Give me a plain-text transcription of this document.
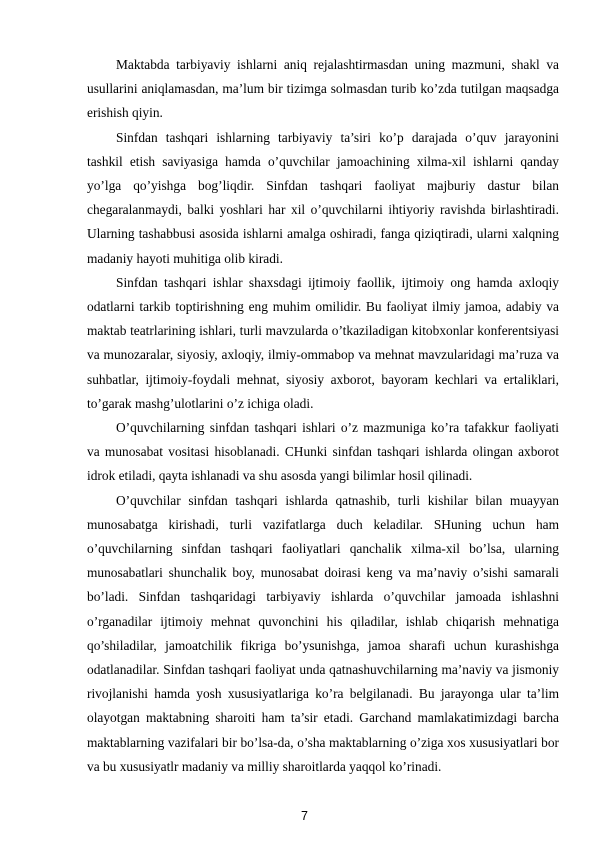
Maktabda tarbiyaviy ishlarni aniq rejalashtirmasdan uning mazmuni, shakl va usullarini aniqlamasdan, ma’lum bir tizimga solmasdan turib ko’zda tutilgan maqsadga erishish qiyin.

Sinfdan tashqari ishlarning tarbiyaviy ta’siri ko’p darajada o’quv jarayonini tashkil etish saviyasiga hamda o’quvchilar jamoachining xilma-xil ishlarni qanday yo’lga qo’yishga bog’liqdir. Sinfdan tashqari faoliyat majburiy dastur bilan chegaralanmaydi, balki yoshlari har xil o’quvchilarni ihtiyoriy ravishda birlashtiradi. Ularning tashabbusi asosida ishlarni amalga oshiradi, fanga qiziqtiradi, ularni xalqning madaniy hayoti muhitiga olib kiradi.

Sinfdan tashqari ishlar shaxsdagi ijtimoiy faollik, ijtimoiy ong hamda axloqiy odatlarni tarkib toptirishning eng muhim omilidir. Bu faoliyat ilmiy jamoa, adabiy va maktab teatrlarining ishlari, turli mavzularda o’tkaziladigan kitobxonlar konferentsiyasi va munozaralar, siyosiy, axloqiy, ilmiy-ommabop va mehnat mavzularidagi ma’ruza va suhbatlar, ijtimoiy-foydali mehnat, siyosiy axborot, bayoram kechlari va ertaliklari, to’garak mashg’ulotlarini o’z ichiga oladi.

O’quvchilarning sinfdan tashqari ishlari o’z mazmuniga ko’ra tafakkur faoliyati va munosabat vositasi hisoblanadi. CHunki sinfdan tashqari ishlarda olingan axborot idrok etiladi, qayta ishlanadi va shu asosda yangi bilimlar hosil qilinadi.

O’quvchilar sinfdan tashqari ishlarda qatnashib, turli kishilar bilan muayyan munosabatga kirishadi, turli vazifatlarga duch keladilar. SHuning uchun ham o’quvchilarning sinfdan tashqari faoliyatlari qanchalik xilma-xil bo’lsa, ularning munosabatlari shunchalik boy, munosabat doirasi keng va ma’naviy o’sishi samarali bo’ladi. Sinfdan tashqaridagi tarbiyaviy ishlarda o’quvchilar jamoada ishlashni o’rganadilar ijtimoiy mehnat quvonchini his qiladilar, ishlab chiqarish mehnatiga qo’shiladilar, jamoatchilik fikriga bo’ysunishga, jamoa sharafi uchun kurashishga odatlanadilar. Sinfdan tashqari faoliyat unda qatnashuvchilarning ma’naviy va jismoniy rivojlanishi hamda yosh xususiyatlariga ko’ra belgilanadi. Bu jarayonga ular ta’lim olayotgan maktabning sharoiti ham ta’sir etadi. Garchand mamlakatimizdagi barcha maktablarning vazifalari bir bo’lsa-da, o’sha maktablarning o’ziga xos xususiyatlari bor va bu xususiyatlr madaniy va milliy sharoitlarda yaqqol ko’rinadi.

7
